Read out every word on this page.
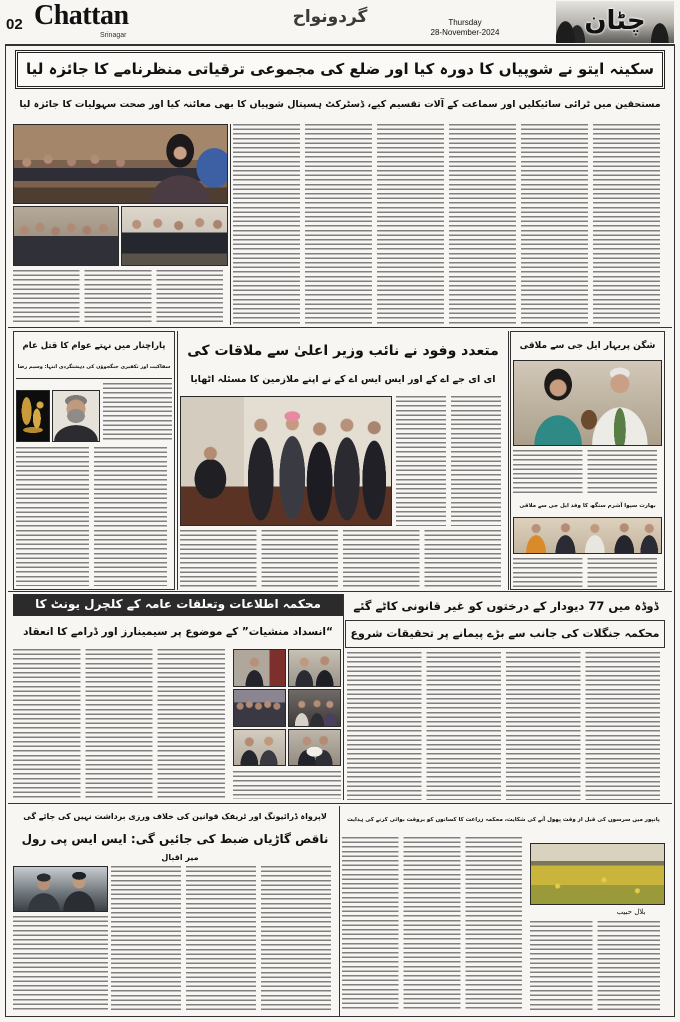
02 Chattan
Srinagar
گردونواح	Thursday
28-November-2024	چٹان
سکینہ ایتو نے شوپیاں کا دورہ کیا اور ضلع کی مجموعی ترقیاتی منظرنامے کا جائزہ لیا
مستحقین میں ٹرائی سائیکلیں اور سماعت کے آلات تقسیم کیے، ڈسٹرکٹ ہسپتال شوپیاں کا بھی معائنہ کیا اور صحت سہولیات کا جائزہ لیا
پاراچنار میں نہتے عوام کا قتل عام
سفاکیت اور تکفیری جنگجوؤں کی دہشتگردی انتہا: وسیم رضا
متعدد وفود نے نائب وزیر اعلیٰ سے ملاقات کی
ای ای جے اے کے اور ایس ایس اے کے نے اپنے ملازمین کا مسئلہ اٹھایا
شگن پریہار ایل جی سے ملاقی
بھارت سیوا آشرم سنگھ کا وفد ایل جی سے ملاقی
محکمہ اطلاعات وتعلقات عامہ کے کلچرل یونٹ کا
“انسداد منشیات” کے موضوع پر سیمینارز اور ڈرامے کا انعقاد
ڈوڈہ میں 77 دیودار کے درختوں کو غیر قانونی کاٹے گئے
محکمہ جنگلات کی جانب سے بڑے پیمانے پر تحقیقات شروع
لاپرواہ ڈرائیونگ اور ٹریفک قوانین کی خلاف ورزی برداشت نہیں کی جائے گی
ناقص گاڑیاں ضبط کی جائیں گی: ایس ایس پی رول
میر اقبال
پانپور میں سرسوں کی قبل از وقت پھول آنے کی شکایت، محکمہ زراعت کا کسانوں کو بروقت بوائی کرنے کی ہدایت
بلال حبیب
